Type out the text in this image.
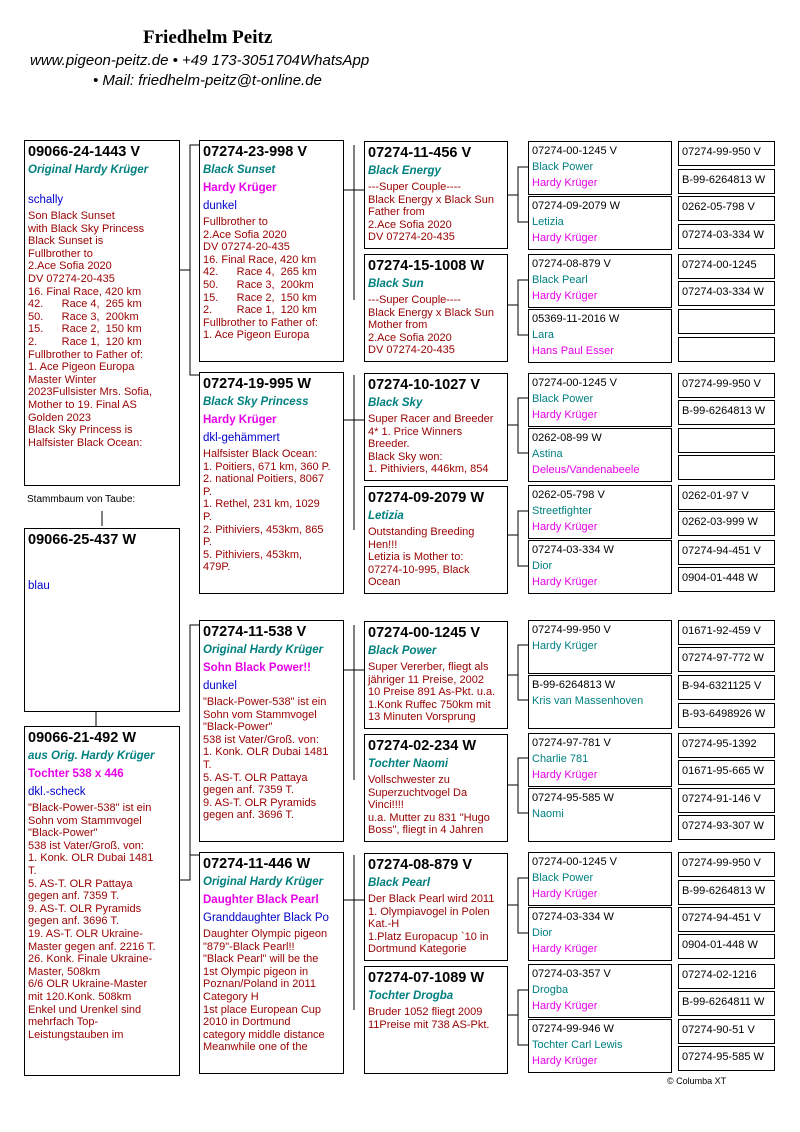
Friedhelm Peitz
www.pigeon-peitz.de • +49 173-3051704WhatsApp
• Mail: friedhelm-peitz@t-online.de
09066-24-1443 V
Original Hardy Krüger
schally
Son Black Sunset
with Black Sky Princess
Black Sunset is
Fullbrother to
2.Ace Sofia 2020
DV 07274-20-435
16. Final Race, 420 km
42.      Race 4,  265 km
50.      Race 3,  200km
15.      Race 2,  150 km
2.        Race 1,  120 km
Fullbrother to Father of:
1. Ace Pigeon Europa
Master Winter
2023Fullsister Mrs. Sofia,
Mother to 19. Final AS
Golden 2023
Black Sky Princess is
Halfsister Black Ocean:
Stammbaum von Taube:
09066-25-437 W
blau
09066-21-492 W
aus Orig. Hardy Krüger
Tochter 538 x 446
dkl.-scheck
"Black-Power-538" ist ein
Sohn vom Stammvogel
"Black-Power"
538 ist Vater/Groß. von:
1. Konk. OLR Dubai 1481
T.
5. AS-T. OLR Pattaya
gegen anf. 7359 T.
9. AS-T. OLR Pyramids
gegen anf. 3696 T.
19. AS-T. OLR Ukraine-
Master gegen anf. 2216 T.
26. Konk. Finale Ukraine-
Master, 508km
6/6 OLR Ukraine-Master
mit 120.Konk. 508km
Enkel und Urenkel sind
mehrfach Top-
Leistungstauben im
07274-23-998 V
Black Sunset
Hardy Krüger
dunkel
Fullbrother to
2.Ace Sofia 2020
DV 07274-20-435
16. Final Race, 420 km
42.      Race 4,  265 km
50.      Race 3,  200km
15.      Race 2,  150 km
2.        Race 1,  120 km
Fullbrother to Father of:
1. Ace Pigeon Europa
07274-19-995 W
Black Sky Princess
Hardy Krüger
dkl-gehämmert
Halfsister Black Ocean:
1. Poitiers, 671 km, 360 P.
2. national Poitiers, 8067
P.
1. Rethel, 231 km, 1029
P.
2. Pithiviers, 453km, 865
P.
5. Pithiviers, 453km,
479P.
07274-11-538 V
Original Hardy Krüger
Sohn Black Power!!
dunkel
"Black-Power-538" ist ein
Sohn vom Stammvogel
"Black-Power"
538 ist Vater/Groß. von:
1. Konk. OLR Dubai 1481
T.
5. AS-T. OLR Pattaya
gegen anf. 7359 T.
9. AS-T. OLR Pyramids
gegen anf. 3696 T.
07274-11-446 W
Original Hardy Krüger
Daughter Black Pearl
Granddaughter Black Po
Daughter Olympic pigeon
"879"-Black Pearl!!
"Black Pearl" will be the
1st Olympic pigeon in
Poznan/Poland in 2011
Category H
1st place European Cup
2010 in Dortmund
category middle distance
Meanwhile one of the
07274-11-456 V
Black Energy
---Super Couple----
Black Energy x Black Sun
Father from
2.Ace Sofia 2020
DV 07274-20-435
07274-15-1008 W
Black Sun
---Super Couple----
Black Energy x Black Sun
Mother from
2.Ace Sofia 2020
DV 07274-20-435
07274-10-1027 V
Black Sky
Super Racer and Breeder
4* 1. Price Winners
Breeder.
Black Sky won:
1. Pithiviers, 446km, 854
07274-09-2079 W
Letizia
Outstanding Breeding
Hen!!!
Letizia is Mother to:
07274-10-995, Black
Ocean
07274-00-1245 V
Black Power
Super Vererber, fliegt als
jähriger 11 Preise, 2002
10 Preise 891 As-Pkt. u.a.
1.Konk Ruffec 750km mit
13 Minuten Vorsprung
07274-02-234 W
Tochter Naomi
Vollschwester zu
Superzuchtvogel Da
Vinci!!!!
u.a. Mutter zu 831 "Hugo
Boss", fliegt in 4 Jahren
07274-08-879 V
Black Pearl
Der Black Pearl wird 2011
1. Olympiavogel in Polen
Kat.-H
1.Platz Europacup `10 in
Dortmund Kategorie
07274-07-1089 W
Tochter Drogba
Bruder 1052 fliegt 2009
11Preise mit 738 AS-Pkt.
07274-00-1245 V
Black Power
Hardy Krüger
07274-09-2079 W
Letizia
Hardy Krüger
07274-08-879 V
Black Pearl
Hardy Krüger
05369-11-2016 W
Lara
Hans Paul Esser
07274-00-1245 V
Black Power
Hardy Krüger
0262-08-99 W
Astina
Deleus/Vandenabeele
0262-05-798 V
Streetfighter
Hardy Krüger
07274-03-334 W
Dior
Hardy Krüger
07274-99-950 V
Hardy Krüger
B-99-6264813 W
Kris van Massenhoven
07274-97-781 V
Charlie 781
Hardy Krüger
07274-95-585 W
Naomi
07274-00-1245 V
Black Power
Hardy Krüger
07274-03-334 W
Dior
Hardy Krüger
07274-03-357 V
Drogba
Hardy Krüger
07274-99-946 W
Tochter Carl Lewis
Hardy Krüger
07274-99-950 V
B-99-6264813 W
0262-05-798 V
07274-03-334 W
07274-00-1245
07274-03-334 W
07274-99-950 V
B-99-6264813 W
0262-01-97 V
0262-03-999 W
07274-94-451 V
0904-01-448 W
01671-92-459 V
07274-97-772 W
B-94-6321125 V
B-93-6498926 W
07274-95-1392
01671-95-665 W
07274-91-146 V
07274-93-307 W
07274-99-950 V
B-99-6264813 W
07274-94-451 V
0904-01-448 W
07274-02-1216
B-99-6264811 W
07274-90-51 V
07274-95-585 W
© Columba XT
